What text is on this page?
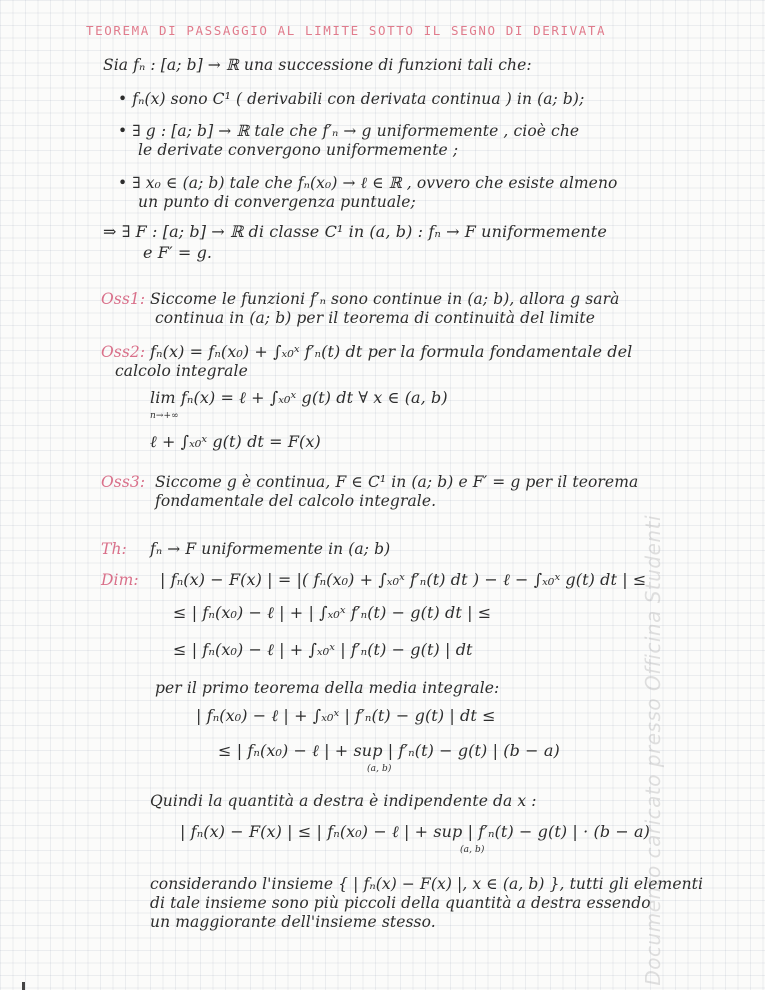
TEOREMA DI PASSAGGIO AL LIMITE SOTTO IL SEGNO DI DERIVATA
Sia fₙ : [a; b] → ℝ una successione di funzioni tali che:
• fₙ(x) sono C¹ ( derivabili con derivata continua ) in (a; b);
• ∃ g : [a; b] → ℝ tale che f′ₙ → g uniformemente , cioè che
le derivate convergono uniformemente ;
• ∃ x₀ ∈ (a; b) tale che fₙ(x₀) → ℓ ∈ ℝ , ovvero che esiste almeno
un punto di convergenza puntuale;
⇒ ∃ F : [a; b] → ℝ di classe C¹ in (a, b) : fₙ → F uniformemente
e F′ = g.
Oss1: Siccome le funzioni f′ₙ sono continue in (a; b), allora g sarà
continua in (a; b) per il teorema di continuità del limite
Oss2: fₙ(x) = fₙ(x₀) + ∫ₓ₀ˣ f′ₙ(t) dt per la formula fondamentale del
calcolo integrale
lim fₙ(x) = ℓ + ∫ₓ₀ˣ g(t) dt ∀ x ∈ (a, b)
n→+∞
ℓ + ∫ₓ₀ˣ g(t) dt = F(x)
Oss3: Siccome g è continua, F ∈ C¹ in (a; b) e F′ = g per il teorema
fondamentale del calcolo integrale.
Th: fₙ → F uniformemente in (a; b)
Dim: | fₙ(x) − F(x) | = |( fₙ(x₀) + ∫ₓ₀ˣ f′ₙ(t) dt ) − ℓ − ∫ₓ₀ˣ g(t) dt | ≤
≤ | fₙ(x₀) − ℓ | + | ∫ₓ₀ˣ f′ₙ(t) − g(t) dt | ≤
≤ | fₙ(x₀) − ℓ | + ∫ₓ₀ˣ | f′ₙ(t) − g(t) | dt
per il primo teorema della media integrale:
| fₙ(x₀) − ℓ | + ∫ₓ₀ˣ | f′ₙ(t) − g(t) | dt ≤
≤ | fₙ(x₀) − ℓ | + sup | f′ₙ(t) − g(t) | (b − a)
(a, b)
Quindi la quantità a destra è indipendente da x :
| fₙ(x) − F(x) | ≤ | fₙ(x₀) − ℓ | + sup | f′ₙ(t) − g(t) | · (b − a)
(a, b)
considerando l'insieme { | fₙ(x) − F(x) |, x ∈ (a, b) }, tutti gli elementi
di tale insieme sono più piccoli della quantità a destra essendo
un maggiorante dell'insieme stesso.	Documento caricato presso Officina Studenti
